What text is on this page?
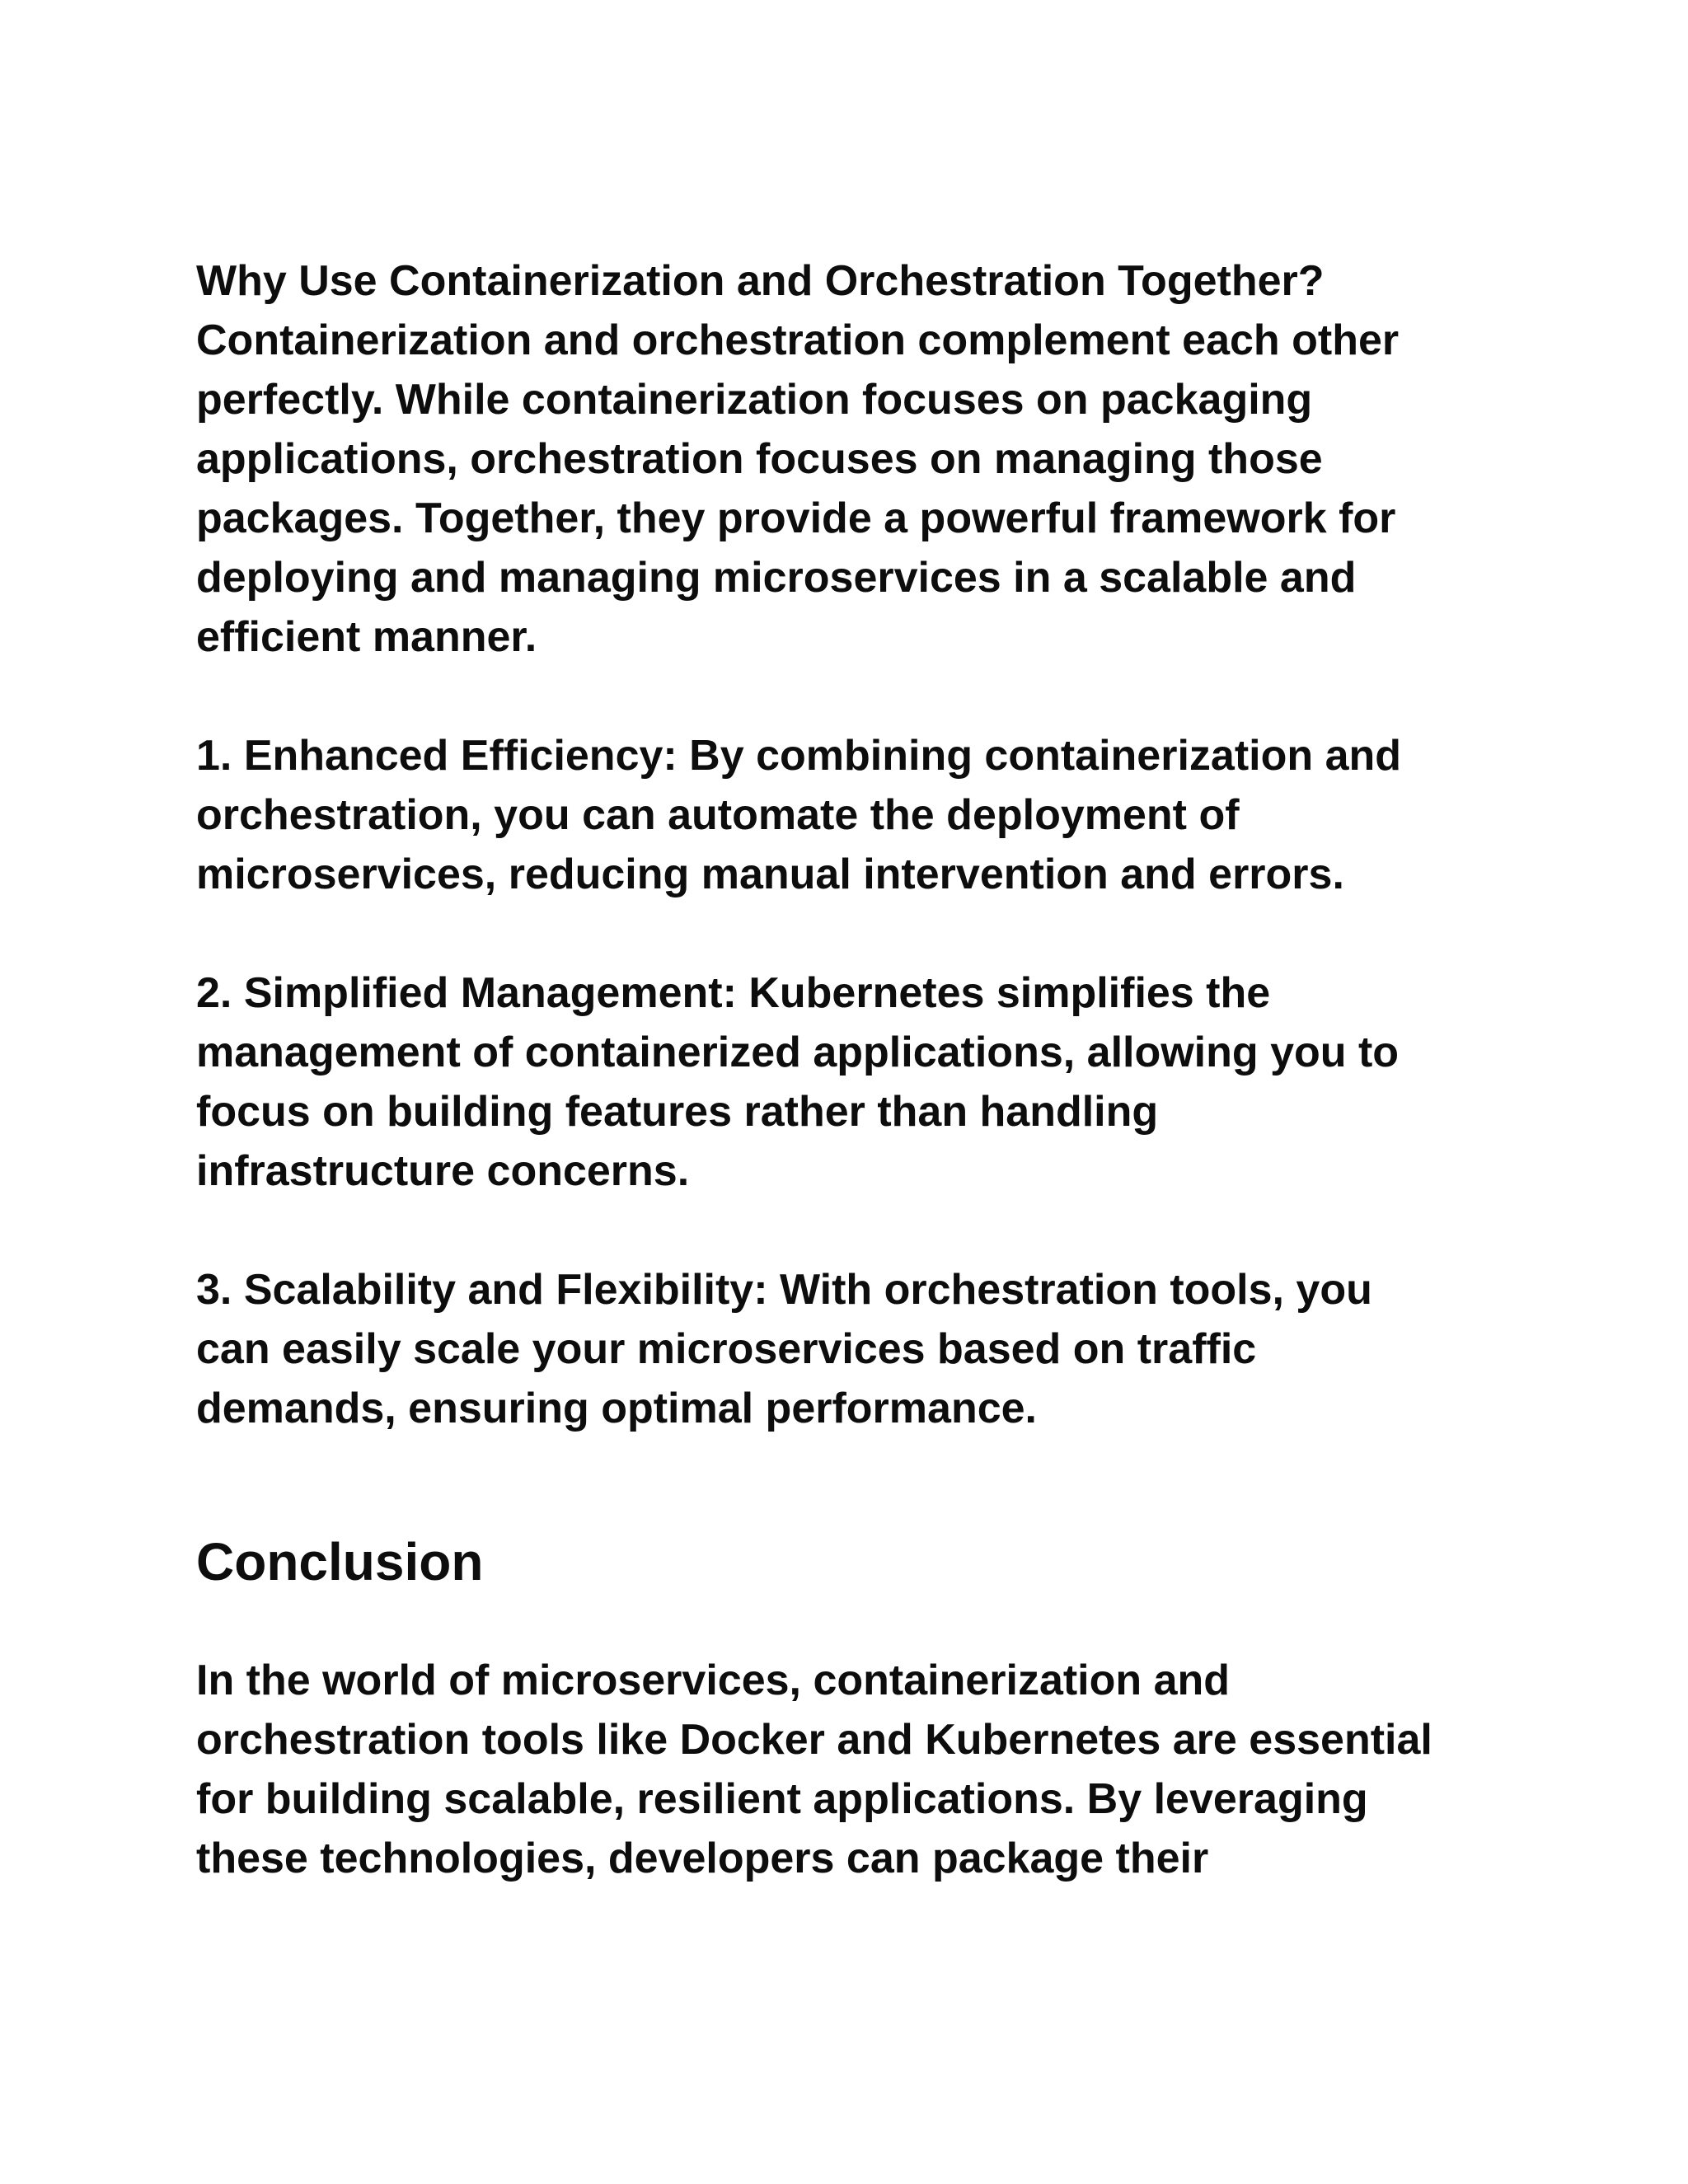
Why Use Containerization and Orchestration Together?
Containerization and orchestration complement each other
perfectly. While containerization focuses on packaging
applications, orchestration focuses on managing those
packages. Together, they provide a powerful framework for
deploying and managing microservices in a scalable and
efficient manner.

1. Enhanced Efficiency: By combining containerization and
orchestration, you can automate the deployment of
microservices, reducing manual intervention and errors.

2. Simplified Management: Kubernetes simplifies the
management of containerized applications, allowing you to
focus on building features rather than handling
infrastructure concerns.

3. Scalability and Flexibility: With orchestration tools, you
can easily scale your microservices based on traffic
demands, ensuring optimal performance.

Conclusion

In the world of microservices, containerization and
orchestration tools like Docker and Kubernetes are essential
for building scalable, resilient applications. By leveraging
these technologies, developers can package their
